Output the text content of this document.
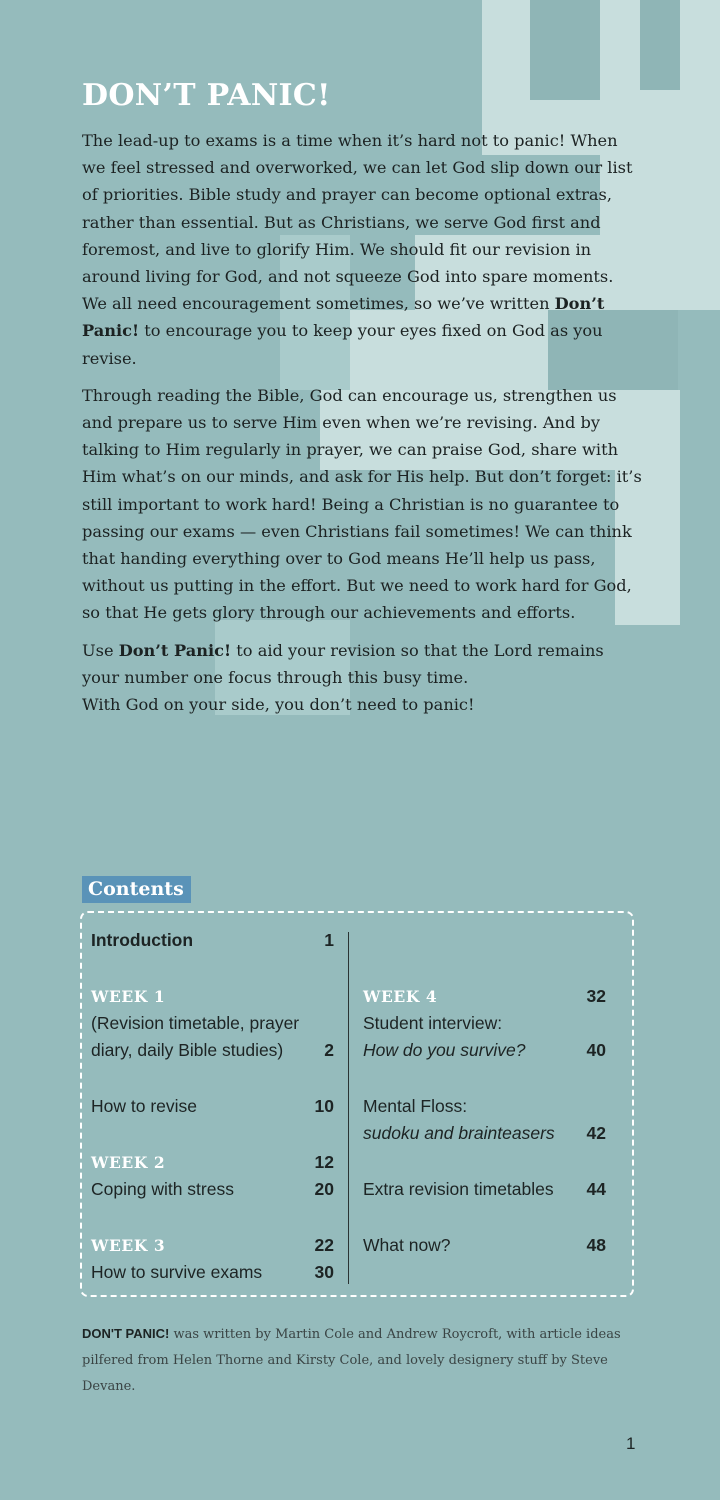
DON’T PANIC!

The lead-up to exams is a time when it’s hard not to panic! When we feel stressed and overworked, we can let God slip down our list of priorities. Bible study and prayer can become optional extras, rather than essential. But as Christians, we serve God first and foremost, and live to glorify Him. We should fit our revision in around living for God, and not squeeze God into spare moments. We all need encouragement sometimes, so we’ve written Don’t Panic! to encourage you to keep your eyes fixed on God as you revise.

Through reading the Bible, God can encourage us, strengthen us and prepare us to serve Him even when we’re revising. And by talking to Him regularly in prayer, we can praise God, share with Him what’s on our minds, and ask for His help. But don’t forget: it’s still important to work hard! Being a Christian is no guarantee to passing our exams — even Christians fail sometimes! We can think that handing everything over to God means He’ll help us pass, without us putting in the effort. But we need to work hard for God, so that He gets glory through our achievements and efforts.

Use Don’t Panic! to aid your revision so that the Lord remains your number one focus through this busy time.

With God on your side, you don’t need to panic!

Contents
Introduction	1
WEEK 1
(Revision timetable, prayer
diary, daily Bible studies)	2
How to revise	10
WEEK 2	12
Coping with stress	20
WEEK 3	22
How to survive exams	30
WEEK 4	32
Student interview:
How do you survive?	40
Mental Floss:
sudoku and brainteasers	42
Extra revision timetables	44
What now?	48
DON'T PANIC! was written by Martin Cole and Andrew Roycroft, with article ideas pilfered from Helen Thorne and Kirsty Cole, and lovely designery stuff by Steve Devane.
1
